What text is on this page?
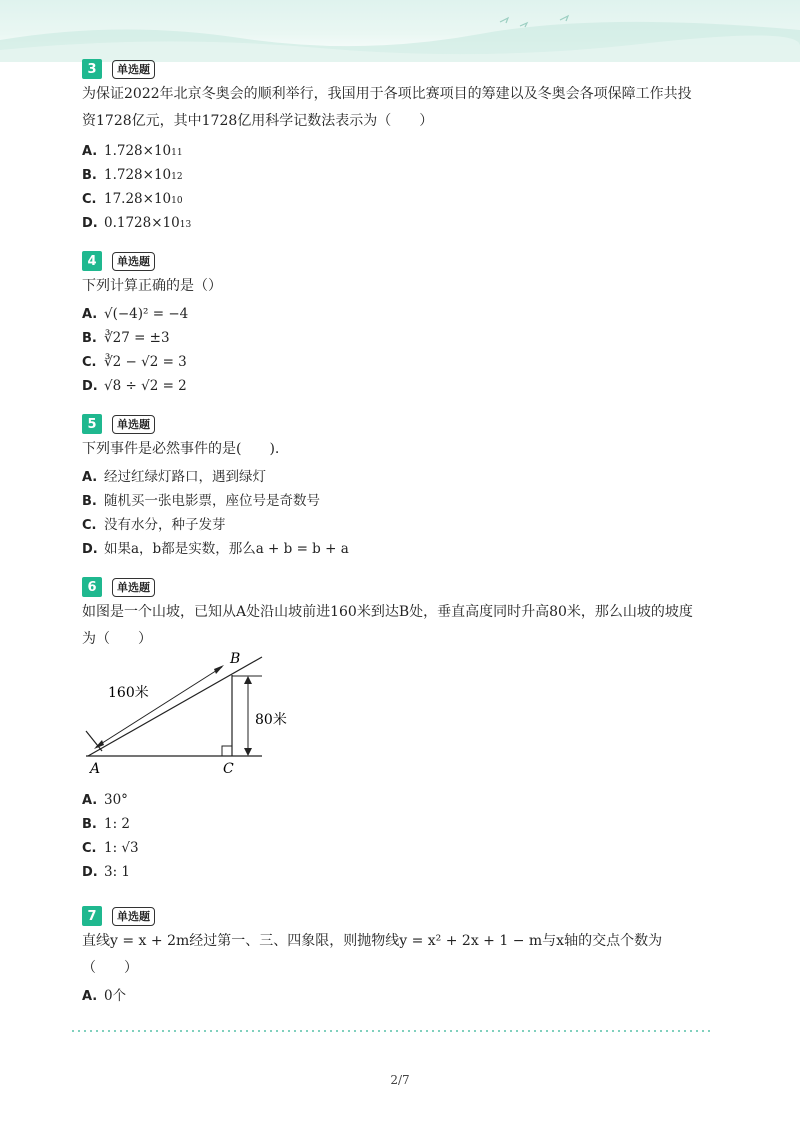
3	单选题
为保证2022年北京冬奥会的顺利举行，我国用于各项比赛项目的筹建以及冬奥会各项保障工作共投
资1728亿元，其中1728亿用科学记数法表示为（　　）
A. 1.728×10 11
B. 1.728×10 12
C. 17.28×10 10
D. 0.1728×10 13
4	单选题
下列计算正确的是（）
A. √(−4)² = −4
B. ∛27 = ±3
C. ∛2 − √2 = 3
D. √8 ÷ √2 = 2
5	单选题
下列事件是必然事件的是(　　).
A. 经过红绿灯路口，遇到绿灯
B. 随机买一张电影票，座位号是奇数号
C. 没有水分，种子发芽
D. 如果a，b都是实数，那么a + b = b + a
6	单选题
如图是一个山坡，已知从A处沿山坡前进160米到达B处，垂直高度同时升高80米，那么山坡的坡度
为（　　）
160米
80米
A
B
C
A. 30°
B. 1: 2
C. 1: √3
D. 3: 1
7	单选题
直线y = x + 2m经过第一、三、四象限，则抛物线y = x² + 2x + 1 − m与x轴的交点个数为
（　　）
A. 0个
2/7
